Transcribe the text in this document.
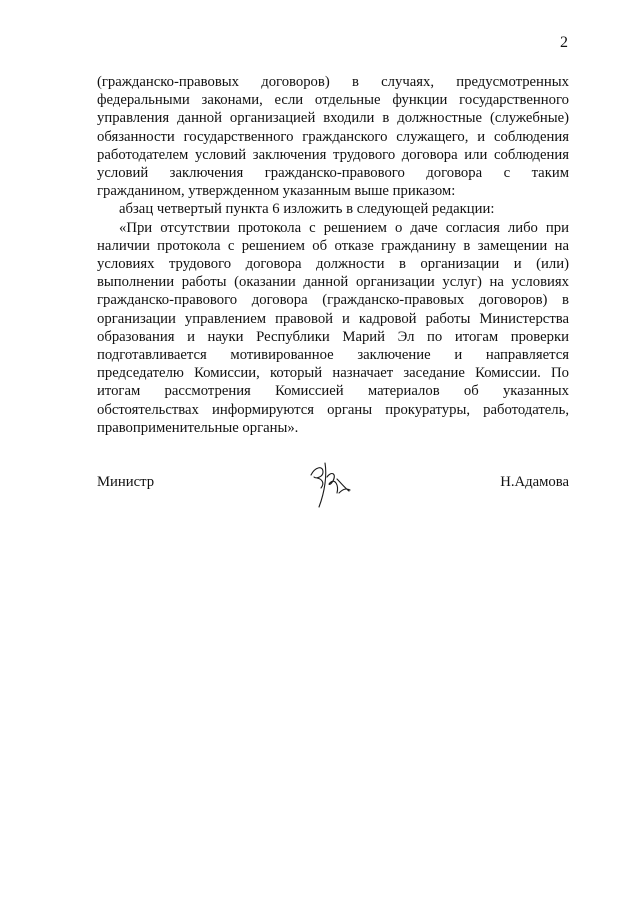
2

(гражданско-правовых договоров) в случаях, предусмотренных федеральными законами, если отдельные функции государственного управления данной организацией входили в должностные (служебные) обязанности государственного гражданского служащего, и соблюдения работодателем условий заключения трудового договора или соблюдения условий заключения гражданско-правового договора с таким гражданином, утвержденном указанным выше приказом:

абзац четвертый пункта 6 изложить в следующей редакции:

«При отсутствии протокола с решением о даче согласия либо при наличии протокола с решением об отказе гражданину в замещении на условиях трудового договора должности в организации и (или) выполнении работы (оказании данной организации услуг) на условиях гражданско-правового договора (гражданско-правовых договоров) в организации управлением правовой и кадровой работы Министерства образования и науки Республики Марий Эл по итогам проверки подготавливается мотивированное заключение и направляется председателю Комиссии, который назначает заседание Комиссии. По итогам рассмотрения Комиссией материалов об указанных обстоятельствах информируются органы прокуратуры, работодатель, правоприменительные органы».

Министр	Н.Адамова
